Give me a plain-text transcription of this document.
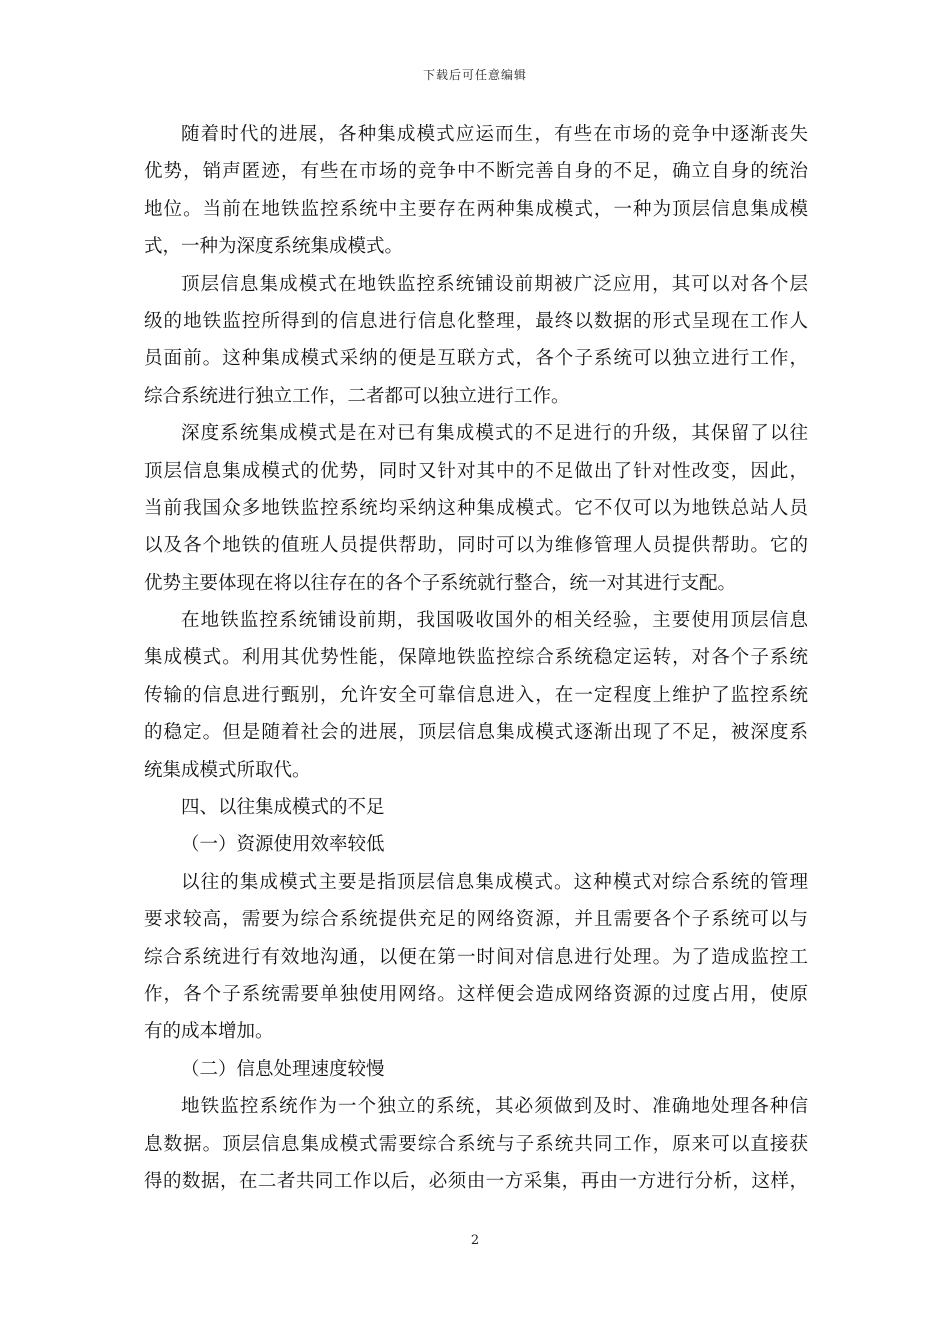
下载后可任意编辑
随着时代的进展，各种集成模式应运而生，有些在市场的竞争中逐渐丧失
优势，销声匿迹，有些在市场的竞争中不断完善自身的不足，确立自身的统治
地位。当前在地铁监控系统中主要存在两种集成模式，一种为顶层信息集成模
式，一种为深度系统集成模式。
顶层信息集成模式在地铁监控系统铺设前期被广泛应用，其可以对各个层
级的地铁监控所得到的信息进行信息化整理，最终以数据的形式呈现在工作人
员面前。这种集成模式采纳的便是互联方式，各个子系统可以独立进行工作，
综合系统进行独立工作，二者都可以独立进行工作。
深度系统集成模式是在对已有集成模式的不足进行的升级，其保留了以往
顶层信息集成模式的优势，同时又针对其中的不足做出了针对性改变，因此，
当前我国众多地铁监控系统均采纳这种集成模式。它不仅可以为地铁总站人员
以及各个地铁的值班人员提供帮助，同时可以为维修管理人员提供帮助。它的
优势主要体现在将以往存在的各个子系统就行整合，统一对其进行支配。
在地铁监控系统铺设前期，我国吸收国外的相关经验，主要使用顶层信息
集成模式。利用其优势性能，保障地铁监控综合系统稳定运转，对各个子系统
传输的信息进行甄别，允许安全可靠信息进入，在一定程度上维护了监控系统
的稳定。但是随着社会的进展，顶层信息集成模式逐渐出现了不足，被深度系
统集成模式所取代。
四、以往集成模式的不足
（一）资源使用效率较低
以往的集成模式主要是指顶层信息集成模式。这种模式对综合系统的管理
要求较高，需要为综合系统提供充足的网络资源，并且需要各个子系统可以与
综合系统进行有效地沟通，以便在第一时间对信息进行处理。为了造成监控工
作，各个子系统需要单独使用网络。这样便会造成网络资源的过度占用，使原
有的成本增加。
（二）信息处理速度较慢
地铁监控系统作为一个独立的系统，其必须做到及时、准确地处理各种信
息数据。顶层信息集成模式需要综合系统与子系统共同工作，原来可以直接获
得的数据，在二者共同工作以后，必须由一方采集，再由一方进行分析，这样，
2
